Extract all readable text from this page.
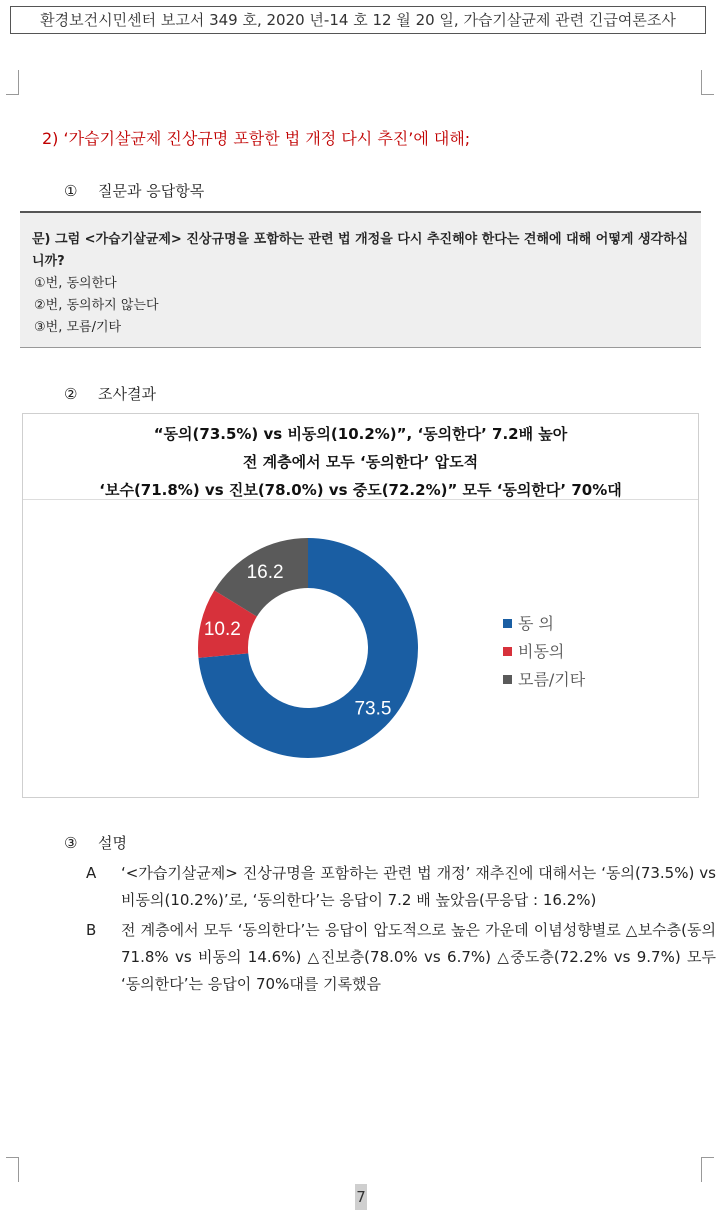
환경보건시민센터 보고서 349 호, 2020 년-14 호 12 월 20 일, 가습기살균제 관련 긴급여론조사
2) ‘가습기살균제 진상규명 포함한 법 개정 다시 추진’에 대해;
① 질문과 응답항목
문) 그럼 <가습기살균제> 진상규명을 포함하는 관련 법 개정을 다시 추진해야 한다는 견해에 대해 어떻게 생각하십니까?
①번, 동의한다
②번, 동의하지 않는다
③번, 모름/기타
② 조사결과
“동의(73.5%) vs 비동의(10.2%)”, ‘동의한다’ 7.2배 높아
전 계층에서 모두 ‘동의한다’ 압도적
‘보수(71.8%) vs 진보(78.0%) vs 중도(72.2%)” 모두 ‘동의한다’ 70%대
73.5
10.2
16.2
동 의
비동의
모름/기타
③ 설명
A	‘<가습기살균제> 진상규명을 포함하는 관련 법 개정’ 재추진에 대해서는 ‘동의(73.5%) vs 비동의(10.2%)’로, ‘동의한다’는 응답이 7.2 배 높았음(무응답 : 16.2%)
B	전 계층에서 모두 ‘동의한다’는 응답이 압도적으로 높은 가운데 이념성향별로 △보수층(동의 71.8% vs 비동의 14.6%) △진보층(78.0% vs 6.7%) △중도층(72.2% vs 9.7%) 모두 ‘동의한다’는 응답이 70%대를 기록했음
7
